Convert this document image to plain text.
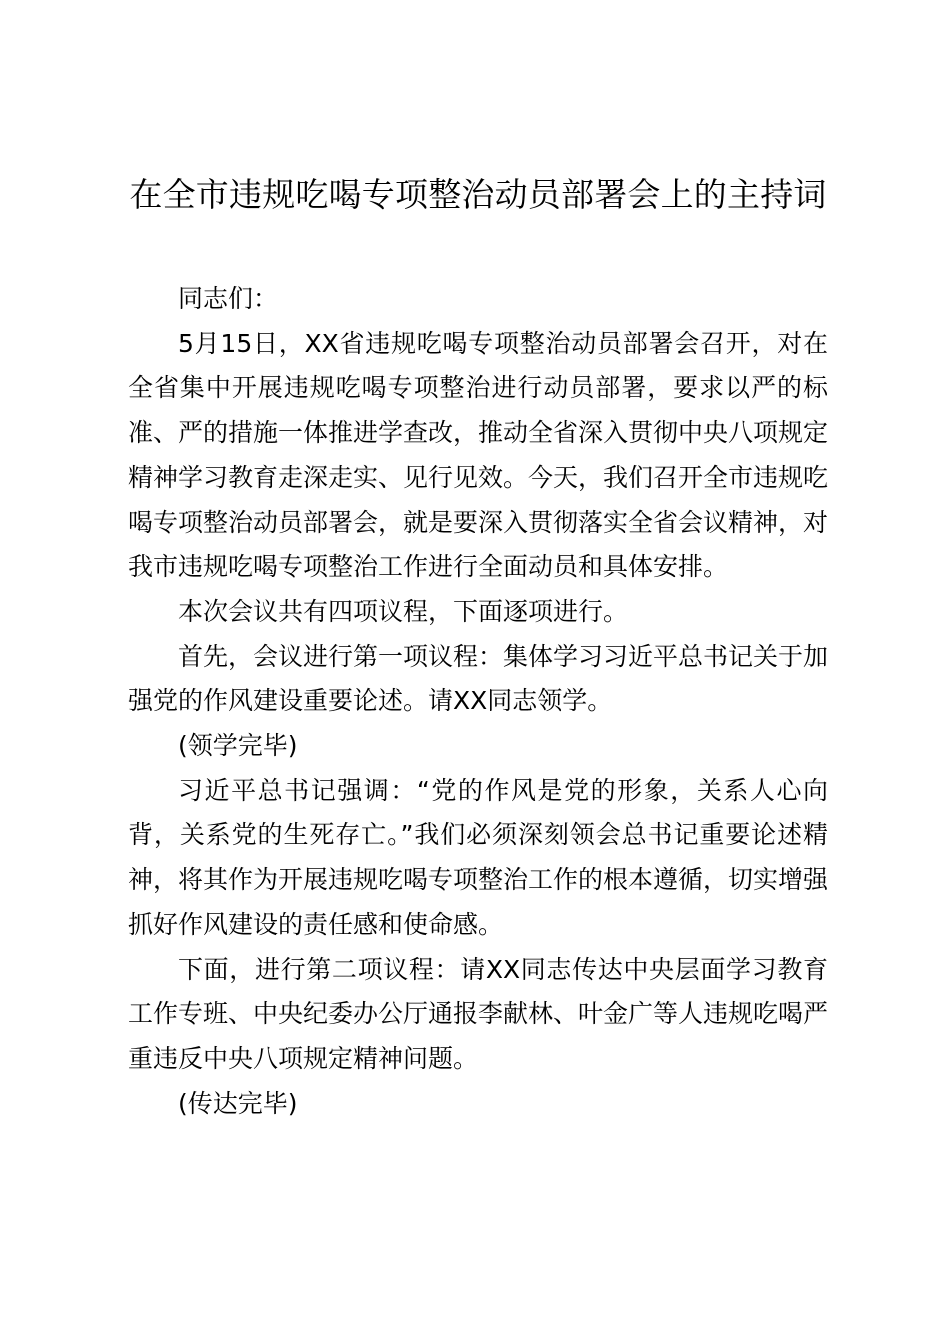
在全市违规吃喝专项整治动员部署会上的主持词

同志们：

5月15日，XX省违规吃喝专项整治动员部署会召开，对在全省集中开展违规吃喝专项整治进行动员部署，要求以严的标准、严的措施一体推进学查改，推动全省深入贯彻中央八项规定精神学习教育走深走实、见行见效。今天，我们召开全市违规吃喝专项整治动员部署会，就是要深入贯彻落实全省会议精神，对我市违规吃喝专项整治工作进行全面动员和具体安排。

本次会议共有四项议程，下面逐项进行。

首先，会议进行第一项议程：集体学习习近平总书记关于加强党的作风建设重要论述。请XX同志领学。

(领学完毕)

习近平总书记强调：“党的作风是党的形象，关系人心向背，关系党的生死存亡。”我们必须深刻领会总书记重要论述精神，将其作为开展违规吃喝专项整治工作的根本遵循，切实增强抓好作风建设的责任感和使命感。

下面，进行第二项议程：请XX同志传达中央层面学习教育工作专班、中央纪委办公厅通报李献林、叶金广等人违规吃喝严重违反中央八项规定精神问题。

(传达完毕)
